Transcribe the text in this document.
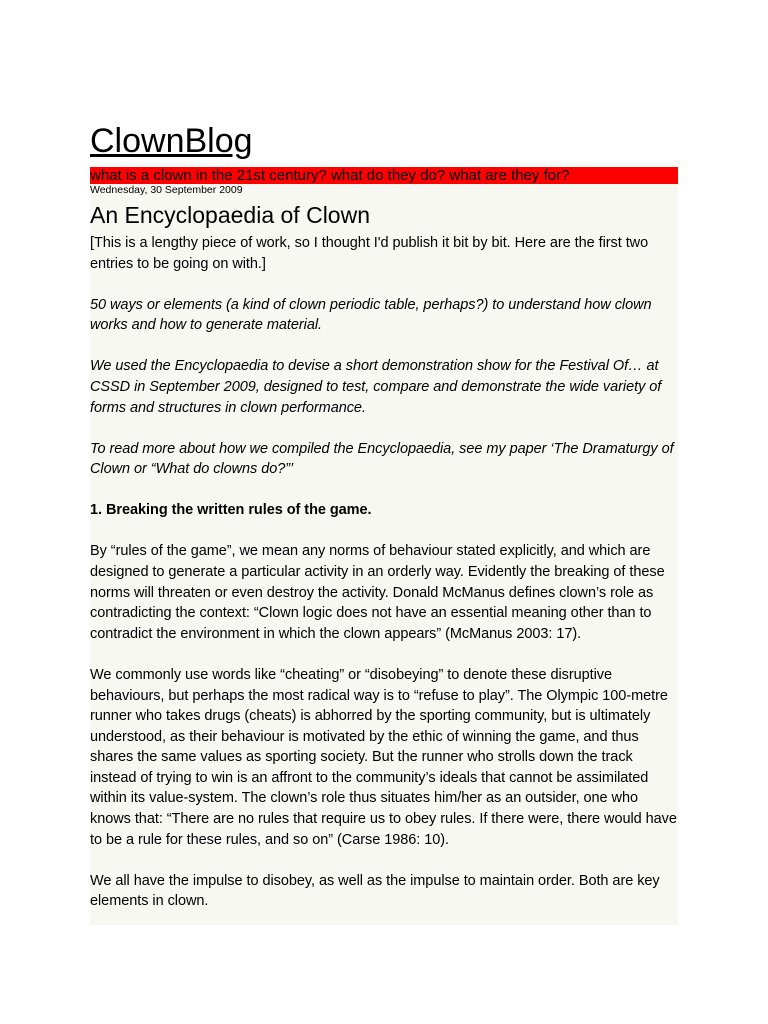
ClownBlog
what is a clown in the 21st century? what do they do? what are they for?
Wednesday, 30 September 2009
An Encyclopaedia of Clown

[This is a lengthy piece of work, so I thought I'd publish it bit by bit. Here are the first two entries to be going on with.]

50 ways or elements (a kind of clown periodic table, perhaps?) to understand how clown works and how to generate material.

We used the Encyclopaedia to devise a short demonstration show for the Festival Of… at CSSD in September 2009, designed to test, compare and demonstrate the wide variety of forms and structures in clown performance.

To read more about how we compiled the Encyclopaedia, see my paper ‘The Dramaturgy of Clown or “What do clowns do?”’

1. Breaking the written rules of the game.

By “rules of the game”, we mean any norms of behaviour stated explicitly, and which are designed to generate a particular activity in an orderly way. Evidently the breaking of these norms will threaten or even destroy the activity. Donald McManus defines clown’s role as contradicting the context: “Clown logic does not have an essential meaning other than to contradict the environment in which the clown appears” (McManus 2003: 17).

We commonly use words like “cheating” or “disobeying” to denote these disruptive behaviours, but perhaps the most radical way is to “refuse to play”. The Olympic 100-metre runner who takes drugs (cheats) is abhorred by the sporting community, but is ultimately understood, as their behaviour is motivated by the ethic of winning the game, and thus shares the same values as sporting society. But the runner who strolls down the track instead of trying to win is an affront to the community’s ideals that cannot be assimilated within its value-system. The clown’s role thus situates him/her as an outsider, one who knows that: “There are no rules that require us to obey rules. If there were, there would have to be a rule for these rules, and so on” (Carse 1986: 10).

We all have the impulse to disobey, as well as the impulse to maintain order. Both are key elements in clown.
